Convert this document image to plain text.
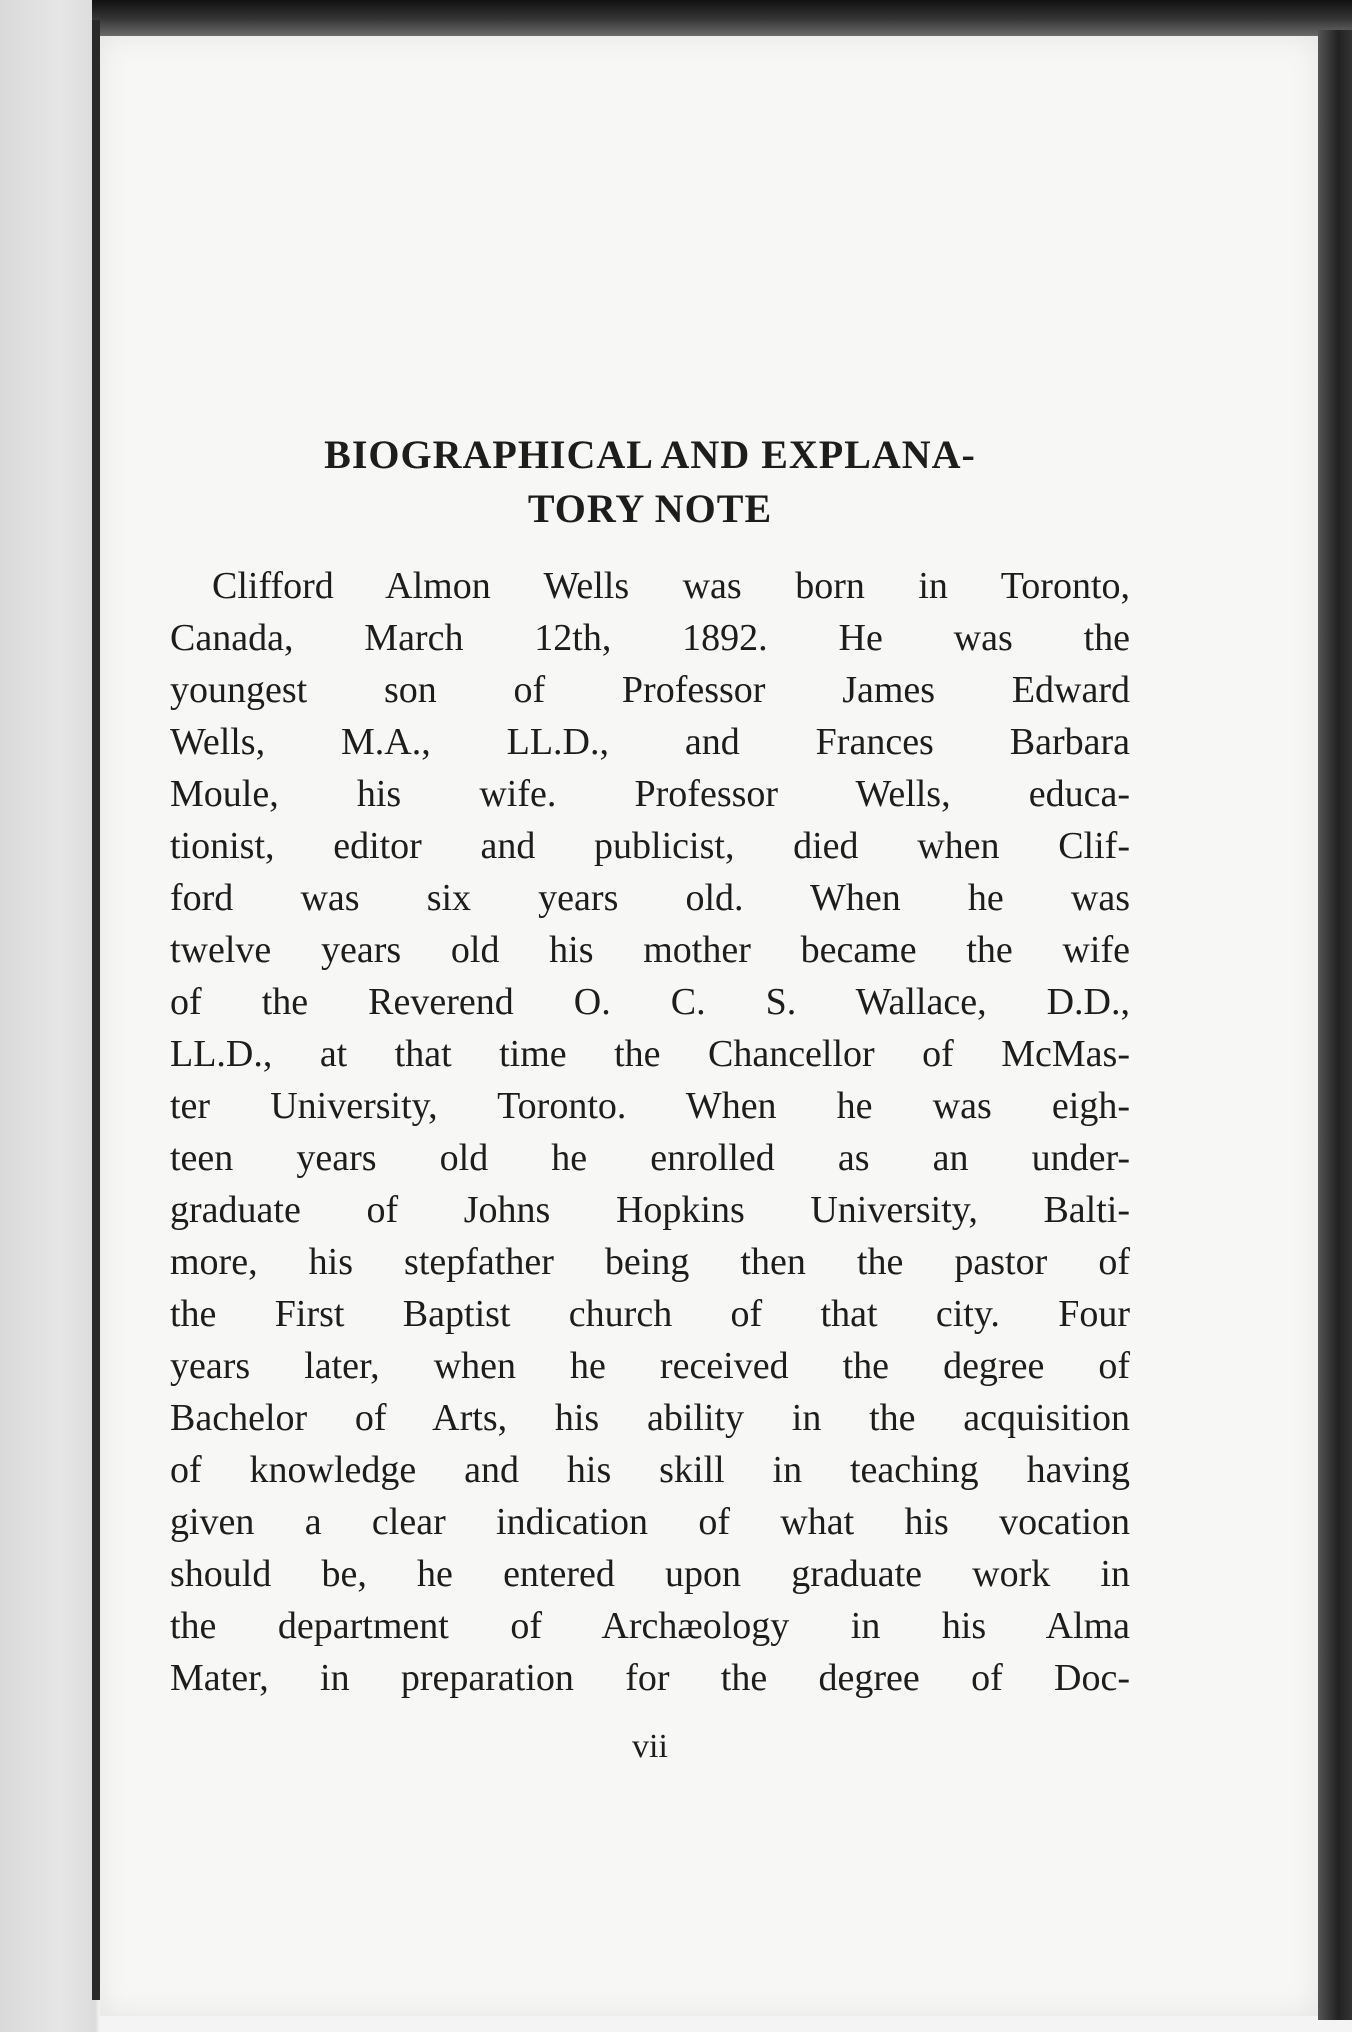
BIOGRAPHICAL AND EXPLANA-
TORY NOTE

Clifford Almon Wells was born in Toronto,
Canada, March 12th, 1892. He was the
youngest son of Professor James Edward
Wells, M.A., LL.D., and Frances Barbara
Moule, his wife. Professor Wells, educa-
tionist, editor and publicist, died when Clif-
ford was six years old. When he was
twelve years old his mother became the wife
of the Reverend O. C. S. Wallace, D.D.,
LL.D., at that time the Chancellor of McMas-
ter University, Toronto. When he was eigh-
teen years old he enrolled as an under-
graduate of Johns Hopkins University, Balti-
more, his stepfather being then the pastor of
the First Baptist church of that city. Four
years later, when he received the degree of
Bachelor of Arts, his ability in the acquisition
of knowledge and his skill in teaching having
given a clear indication of what his vocation
should be, he entered upon graduate work in
the department of Archæology in his Alma
Mater, in preparation for the degree of Doc-

vii
